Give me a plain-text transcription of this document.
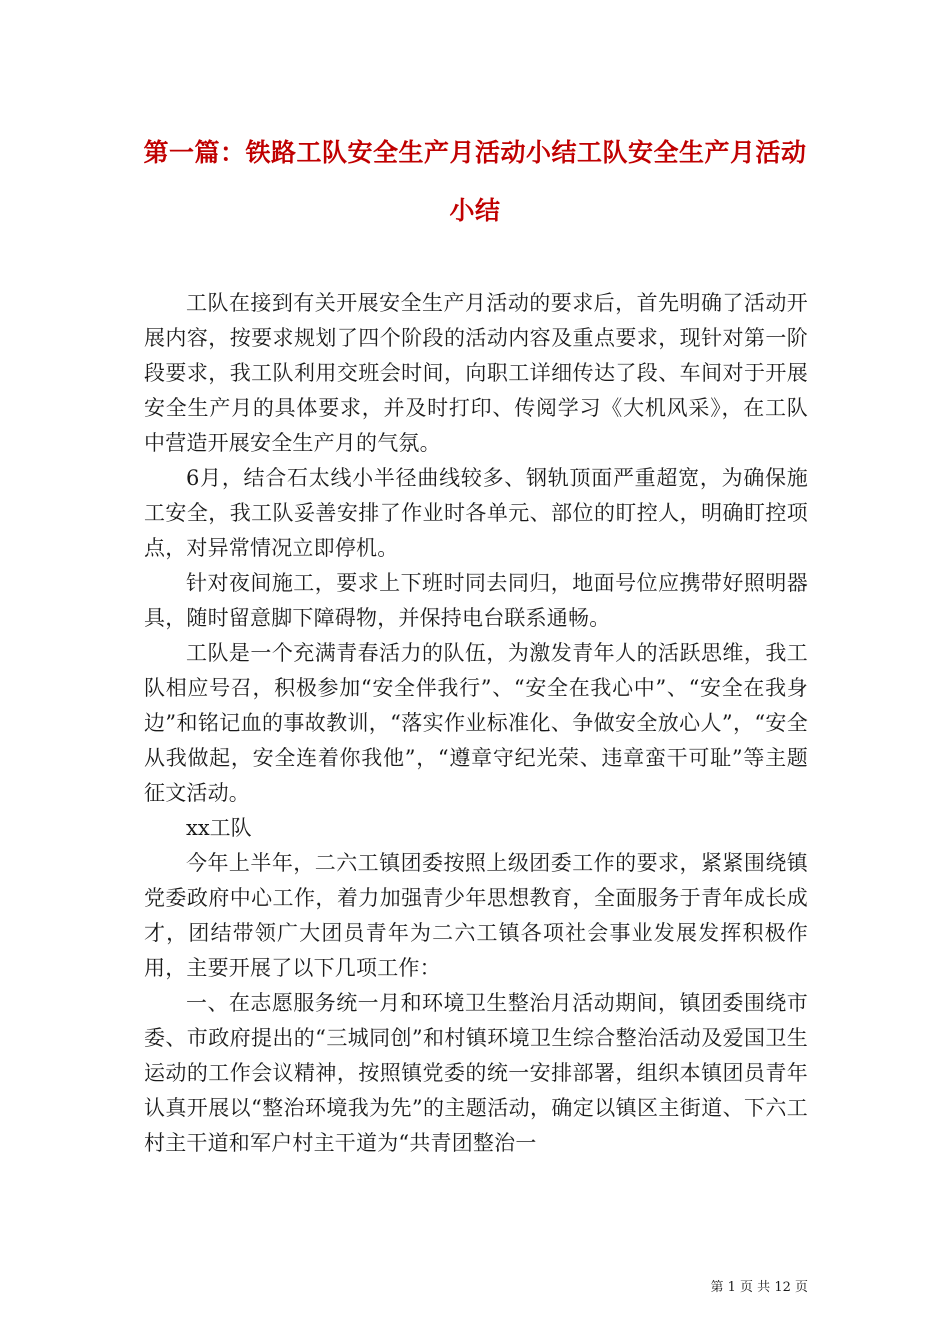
第一篇：铁路工队安全生产月活动小结工队安全生产月活动小结

工队在接到有关开展安全生产月活动的要求后，首先明确了活动开展内容，按要求规划了四个阶段的活动内容及重点要求，现针对第一阶段要求，我工队利用交班会时间，向职工详细传达了段、车间对于开展安全生产月的具体要求，并及时打印、传阅学习《大机风采》，在工队中营造开展安全生产月的气氛。

6月，结合石太线小半径曲线较多、钢轨顶面严重超宽，为确保施工安全，我工队妥善安排了作业时各单元、部位的盯控人，明确盯控项点，对异常情况立即停机。

针对夜间施工，要求上下班时同去同归，地面号位应携带好照明器具，随时留意脚下障碍物，并保持电台联系通畅。

工队是一个充满青春活力的队伍，为激发青年人的活跃思维，我工队相应号召，积极参加“安全伴我行”、“安全在我心中”、“安全在我身边”和铭记血的事故教训，“落实作业标准化、争做安全放心人”，“安全从我做起，安全连着你我他”，“遵章守纪光荣、违章蛮干可耻”等主题征文活动。

xx工队

今年上半年，二六工镇团委按照上级团委工作的要求，紧紧围绕镇党委政府中心工作，着力加强青少年思想教育，全面服务于青年成长成才，团结带领广大团员青年为二六工镇各项社会事业发展发挥积极作用，主要开展了以下几项工作：

一、在志愿服务统一月和环境卫生整治月活动期间，镇团委围绕市委、市政府提出的“三城同创”和村镇环境卫生综合整治活动及爱国卫生运动的工作会议精神，按照镇党委的统一安排部署，组织本镇团员青年认真开展以“整治环境我为先”的主题活动，确定以镇区主街道、下六工村主干道和军户村主干道为“共青团整治一

第 1 页 共 12 页
